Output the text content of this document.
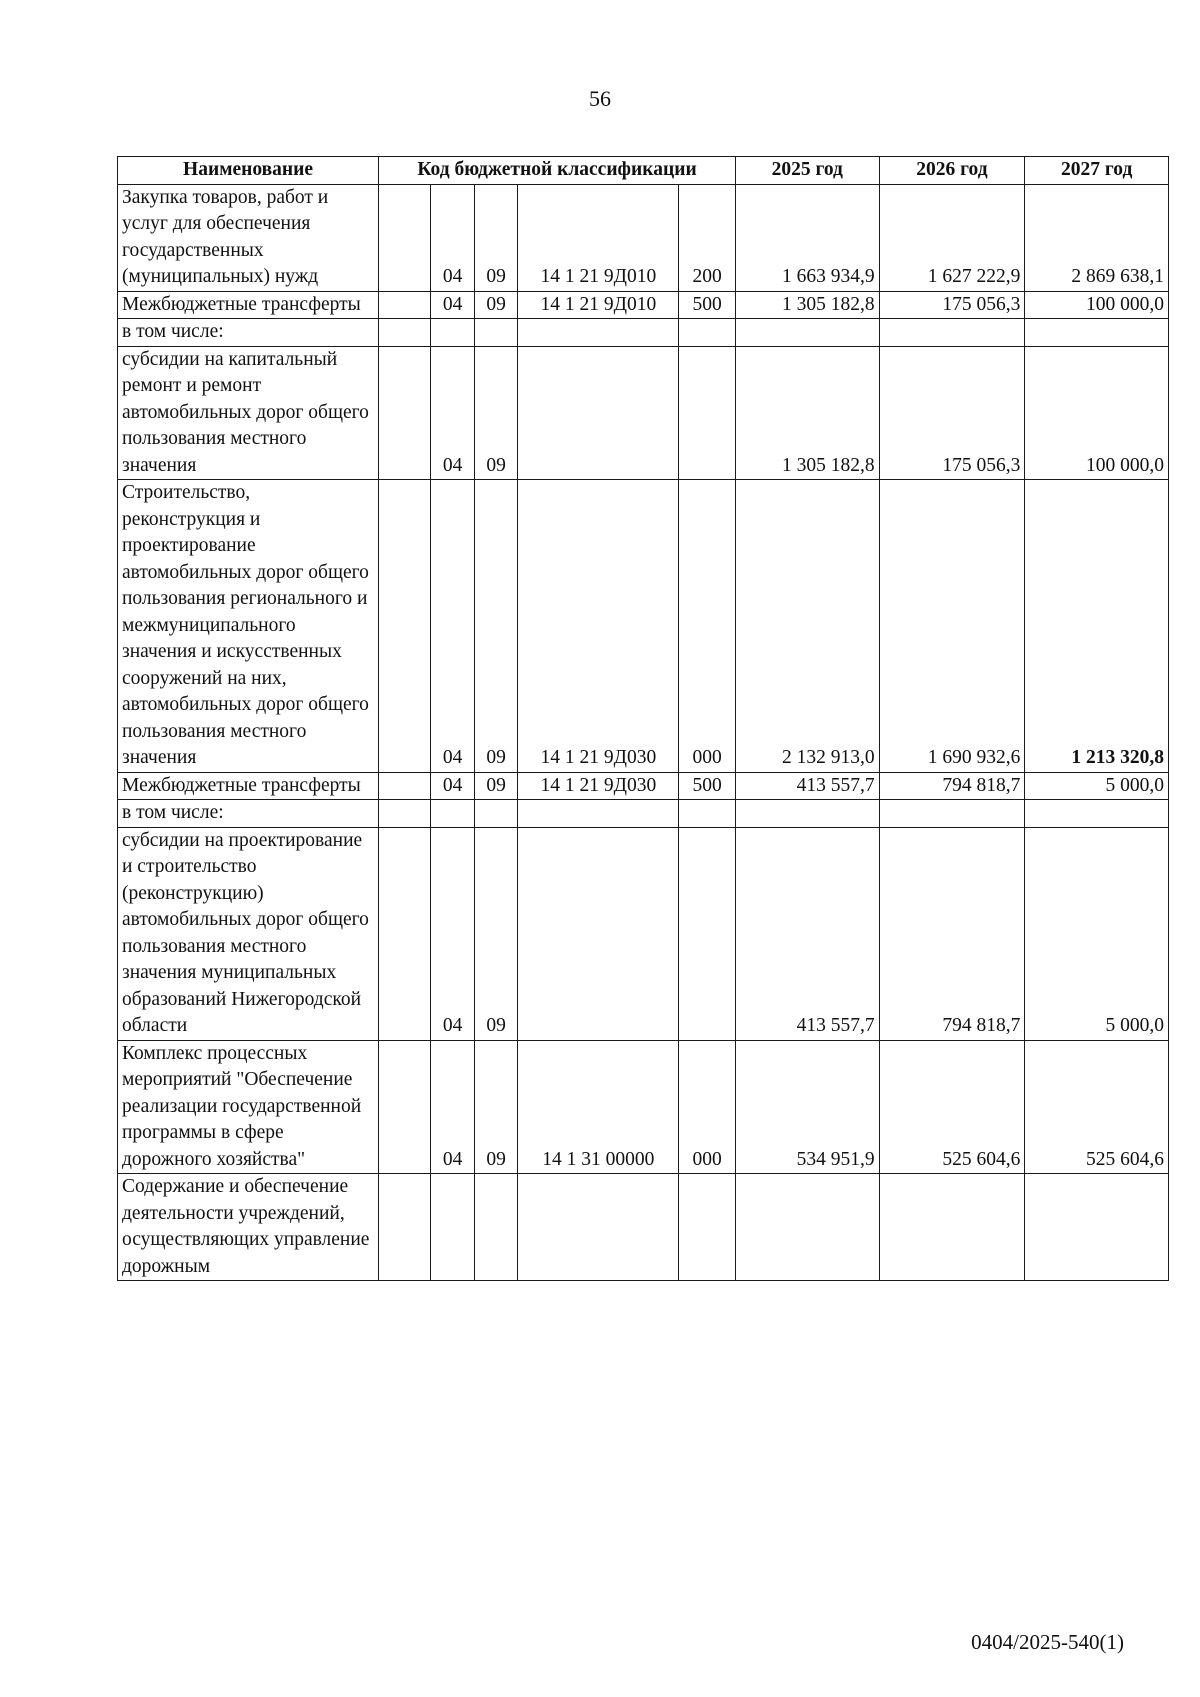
56
Наименование	Код бюджетной классификации					2025 год	2026 год	2027 год
Закупка товаров, работ и услуг для обеспечения государственных (муниципальных) нужд		04	09	14 1 21 9Д010	200	1 663 934,9	1 627 222,9	2 869 638,1
Межбюджетные трансферты		04	09	14 1 21 9Д010	500	1 305 182,8	175 056,3	100 000,0
в том числе:								
субсидии на капитальный ремонт и ремонт автомобильных дорог общего пользования местного значения		04	09			1 305 182,8	175 056,3	100 000,0
Строительство, реконструкция и проектирование автомобильных дорог общего пользования регионального и межмуниципального значения и искусственных сооружений на них, автомобильных дорог общего пользования местного значения		04	09	14 1 21 9Д030	000	2 132 913,0	1 690 932,6	1 213 320,8
Межбюджетные трансферты		04	09	14 1 21 9Д030	500	413 557,7	794 818,7	5 000,0
в том числе:								
субсидии на проектирование и строительство (реконструкцию) автомобильных дорог общего пользования местного значения муниципальных образований Нижегородской области		04	09			413 557,7	794 818,7	5 000,0
Комплекс процессных мероприятий "Обеспечение реализации государственной программы в сфере дорожного хозяйства"		04	09	14 1 31 00000	000	534 951,9	525 604,6	525 604,6
Содержание и обеспечение деятельности учреждений, осуществляющих управление дорожным								
0404/2025-540(1)
